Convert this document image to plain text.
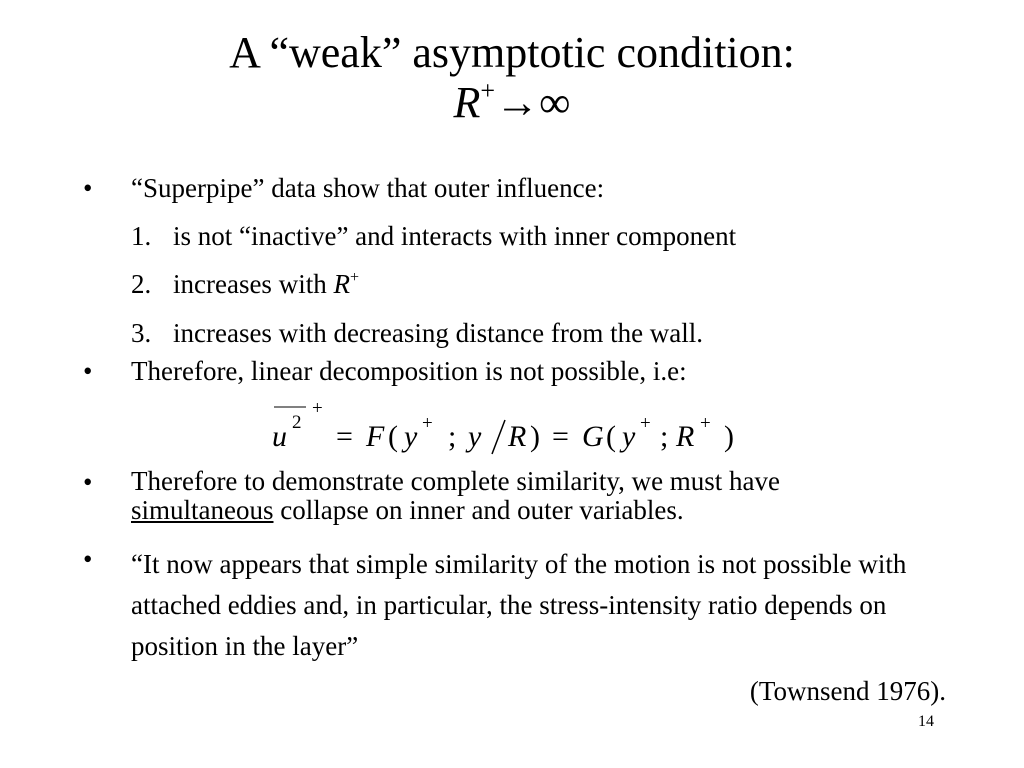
A “weak” asymptotic condition:
R+→∞
• “Superpipe” data show that outer influence:
1. is not “inactive” and interacts with inner component
2. increases with R+
3. increases with decreasing distance from the wall.
• Therefore, linear decomposition is not possible, i.e:
u 2
+
= F ( y + ; y R ) = G ( y + ; R + )
• Therefore to demonstrate complete similarity, we must have
simultaneous collapse on inner and outer variables.
• “It now appears that simple similarity of the motion is not possible with attached eddies and, in particular, the stress-intensity ratio depends on position in the layer”
(Townsend 1976).
14
